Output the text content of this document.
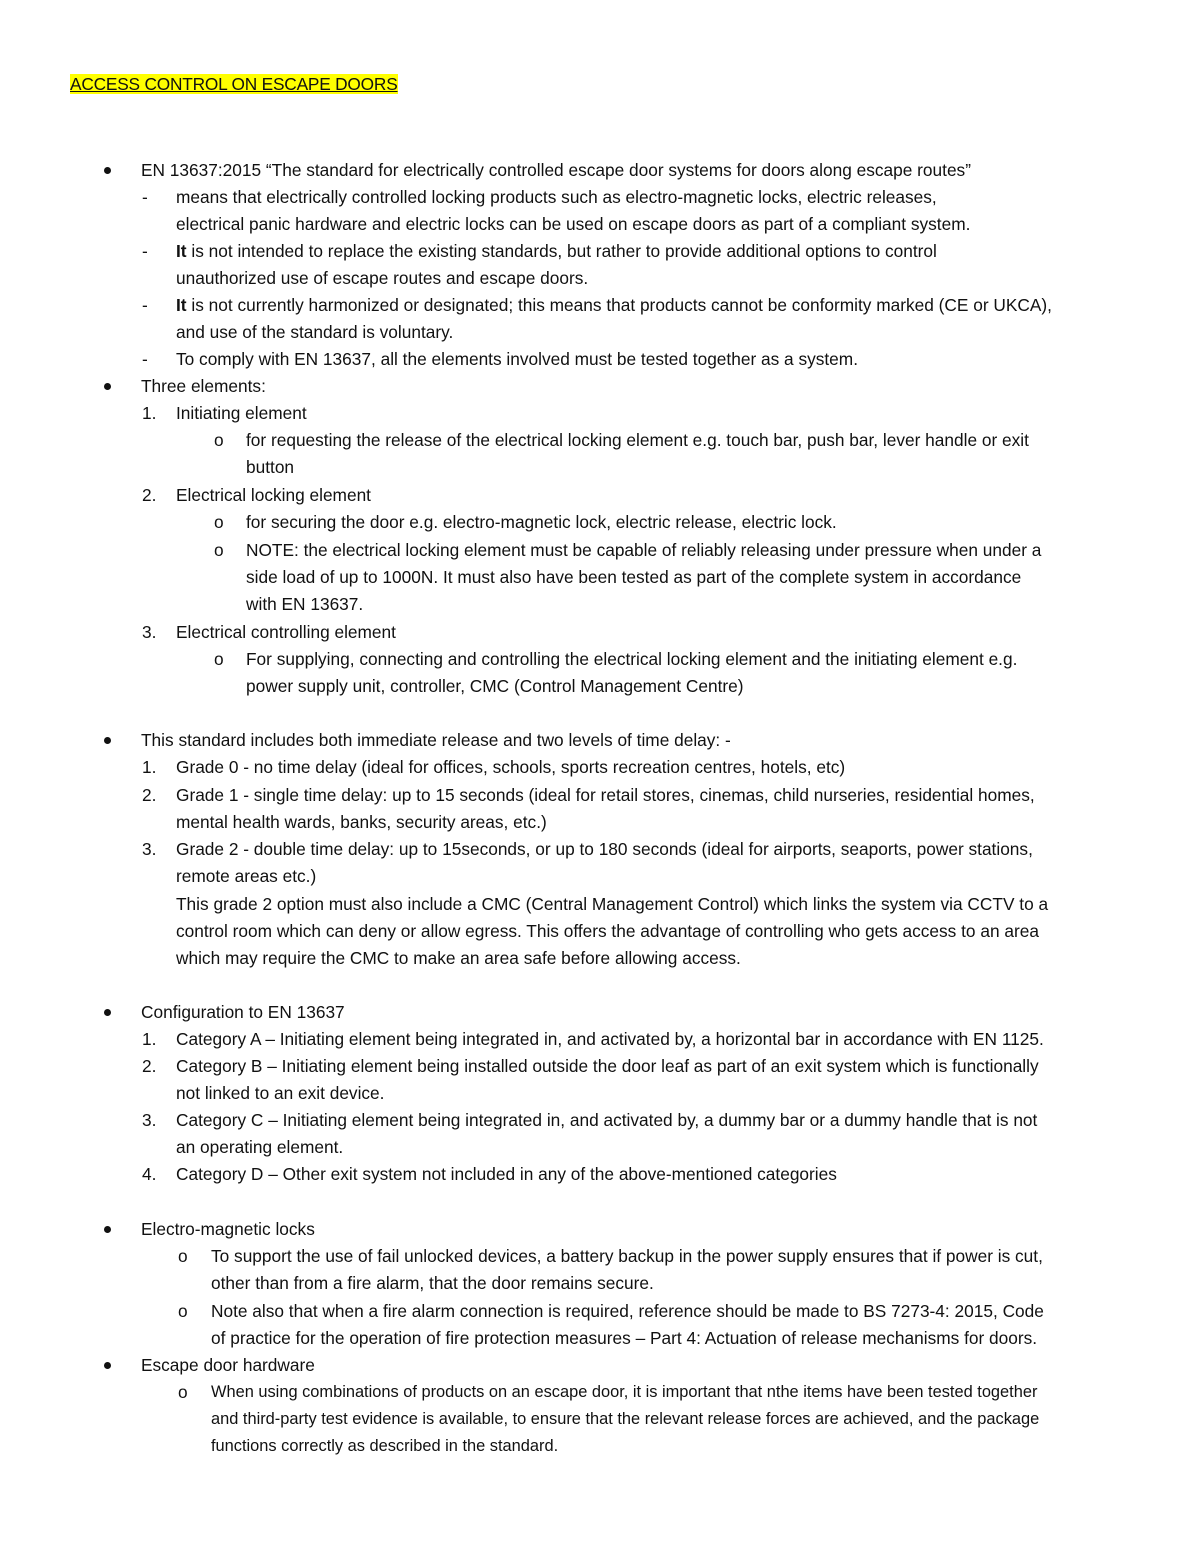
ACCESS CONTROL ON ESCAPE DOORS
EN 13637:2015 “The standard for electrically controlled escape door systems for doors along escape routes”
- means that electrically controlled locking products such as electro-magnetic locks, electric releases,
electrical panic hardware and electric locks can be used on escape doors as part of a compliant system.
- It is not intended to replace the existing standards, but rather to provide additional options to control
unauthorized use of escape routes and escape doors.
- It is not currently harmonized or designated; this means that products cannot be conformity marked (CE or UKCA),
and use of the standard is voluntary.
- To comply with EN 13637, all the elements involved must be tested together as a system.
Three elements:
1. Initiating element
o for requesting the release of the electrical locking element e.g. touch bar, push bar, lever handle or exit
button
2. Electrical locking element
o for securing the door e.g. electro-magnetic lock, electric release, electric lock.
o NOTE: the electrical locking element must be capable of reliably releasing under pressure when under a
side load of up to 1000N. It must also have been tested as part of the complete system in accordance
with EN 13637.
3. Electrical controlling element
o For supplying, connecting and controlling the electrical locking element and the initiating element e.g.
power supply unit, controller, CMC (Control Management Centre)
This standard includes both immediate release and two levels of time delay: -
1. Grade 0 - no time delay (ideal for offices, schools, sports recreation centres, hotels, etc)
2. Grade 1 - single time delay: up to 15 seconds (ideal for retail stores, cinemas, child nurseries, residential homes,
mental health wards, banks, security areas, etc.)
3. Grade 2 - double time delay: up to 15seconds, or up to 180 seconds (ideal for airports, seaports, power stations,
remote areas etc.)
This grade 2 option must also include a CMC (Central Management Control) which links the system via CCTV to a
control room which can deny or allow egress. This offers the advantage of controlling who gets access to an area
which may require the CMC to make an area safe before allowing access.
Configuration to EN 13637
1. Category A – Initiating element being integrated in, and activated by, a horizontal bar in accordance with EN 1125.
2. Category B – Initiating element being installed outside the door leaf as part of an exit system which is functionally
not linked to an exit device.
3. Category C – Initiating element being integrated in, and activated by, a dummy bar or a dummy handle that is not
an operating element.
4. Category D – Other exit system not included in any of the above-mentioned categories
Electro-magnetic locks
o To support the use of fail unlocked devices, a battery backup in the power supply ensures that if power is cut,
other than from a fire alarm, that the door remains secure.
o Note also that when a fire alarm connection is required, reference should be made to BS 7273-4: 2015, Code
of practice for the operation of fire protection measures – Part 4: Actuation of release mechanisms for doors.
Escape door hardware
o When using combinations of products on an escape door, it is important that nthe items have been tested together
and third-party test evidence is available, to ensure that the relevant release forces are achieved, and the package
functions correctly as described in the standard.
